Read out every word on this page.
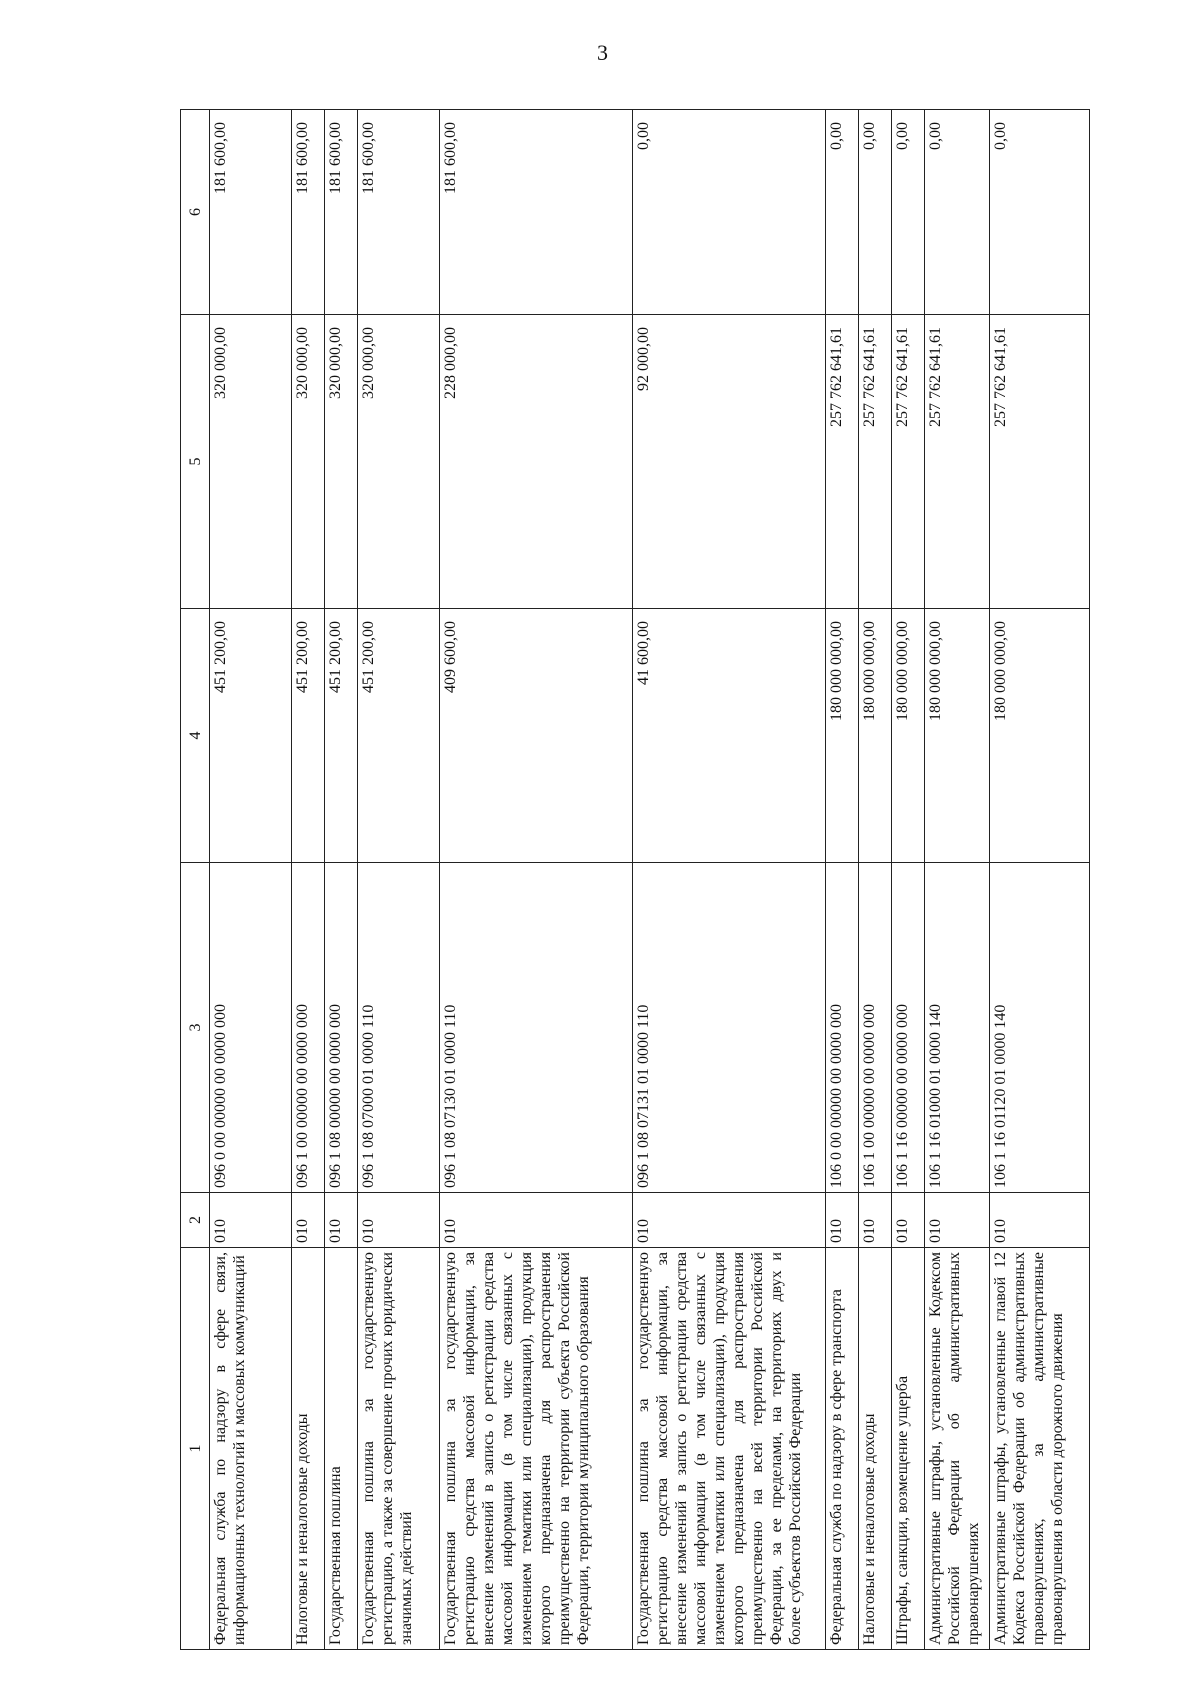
3
1	2	3	4	5	6
Федеральная служба по надзору в сфере связи, информационных технологий и массовых коммуникаций	010	096 0 00 00000 00 0000 000	451 200,00	320 000,00	181 600,00
Налоговые и неналоговые доходы	010	096 1 00 00000 00 0000 000	451 200,00	320 000,00	181 600,00
Государственная пошлина	010	096 1 08 00000 00 0000 000	451 200,00	320 000,00	181 600,00
Государственная пошлина за государственную регистрацию, а также за совершение прочих юридически значимых действий	010	096 1 08 07000 01 0000 110	451 200,00	320 000,00	181 600,00
Государственная пошлина за государственную регистрацию средства массовой информации, за внесение изменений в запись о регистрации средства массовой информации (в том числе связанных с изменением тематики или специализации), продукция которого предназначена для распространения преимущественно на территории субъекта Российской Федерации, территории муниципального образования	010	096 1 08 07130 01 0000 110	409 600,00	228 000,00	181 600,00
Государственная пошлина за государственную регистрацию средства массовой информации, за внесение изменений в запись о регистрации средства массовой информации (в том числе связанных с изменением тематики или специализации), продукция которого предназначена для распространения преимущественно на всей территории Российской Федерации, за ее пределами, на территориях двух и более субъектов Российской Федерации	010	096 1 08 07131 01 0000 110	41 600,00	92 000,00	0,00
Федеральная служба по надзору в сфере транспорта	010	106 0 00 00000 00 0000 000	180 000 000,00	257 762 641,61	0,00
Налоговые и неналоговые доходы	010	106 1 00 00000 00 0000 000	180 000 000,00	257 762 641,61	0,00
Штрафы, санкции, возмещение ущерба	010	106 1 16 00000 00 0000 000	180 000 000,00	257 762 641,61	0,00
Административные штрафы, установленные Кодексом Российской Федерации об административных правонарушениях	010	106 1 16 01000 01 0000 140	180 000 000,00	257 762 641,61	0,00
Административные штрафы, установленные главой 12 Кодекса Российской Федерации об административных правонарушениях, за административные правонарушения в области дорожного движения	010	106 1 16 01120 01 0000 140	180 000 000,00	257 762 641,61	0,00
